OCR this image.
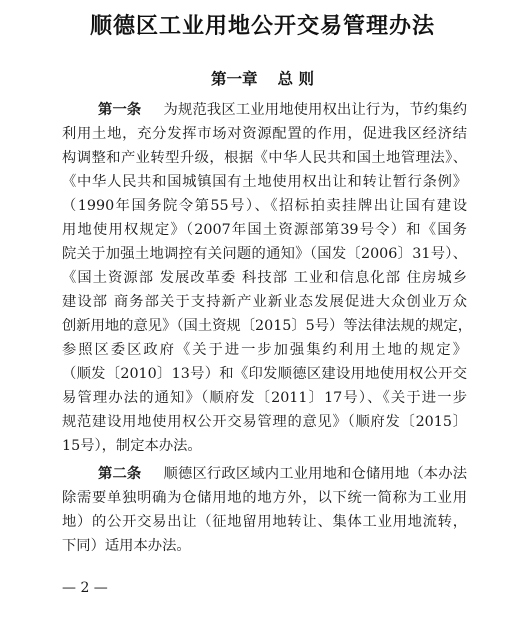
顺德区工业用地公开交易管理办法
第一章 总 则
第一条 为规范我区工业用地使用权出让行为，节约集约
利用土地，充分发挥市场对资源配置的作用，促进我区经济结
构调整和产业转型升级，根据《中华人民共和国土地管理法》、
《中华人民共和国城镇国有土地使用权出让和转让暂行条例》
（1990年国务院令第55号）、《招标拍卖挂牌出让国有建设
用地使用权规定》（2007年国土资源部第39号令）和《国务
院关于加强土地调控有关问题的通知》（国发〔2006〕31号）、
《国土资源部 发展改革委 科技部 工业和信息化部 住房城乡
建设部 商务部关于支持新产业新业态发展促进大众创业万众
创新用地的意见》（国土资规〔2015〕5号）等法律法规的规定，
参照区委区政府《关于进一步加强集约利用土地的规定》
（顺发〔2010〕13号）和《印发顺德区建设用地使用权公开交
易管理办法的通知》（顺府发〔2011〕17号）、《关于进一步
规范建设用地使用权公开交易管理的意见》（顺府发〔2015〕
15号），制定本办法。
第二条 顺德区行政区域内工业用地和仓储用地（本办法
除需要单独明确为仓储用地的地方外，以下统一简称为工业用
地）的公开交易出让（征地留用地转让、集体工业用地流转，
下同）适用本办法。
— 2 —
